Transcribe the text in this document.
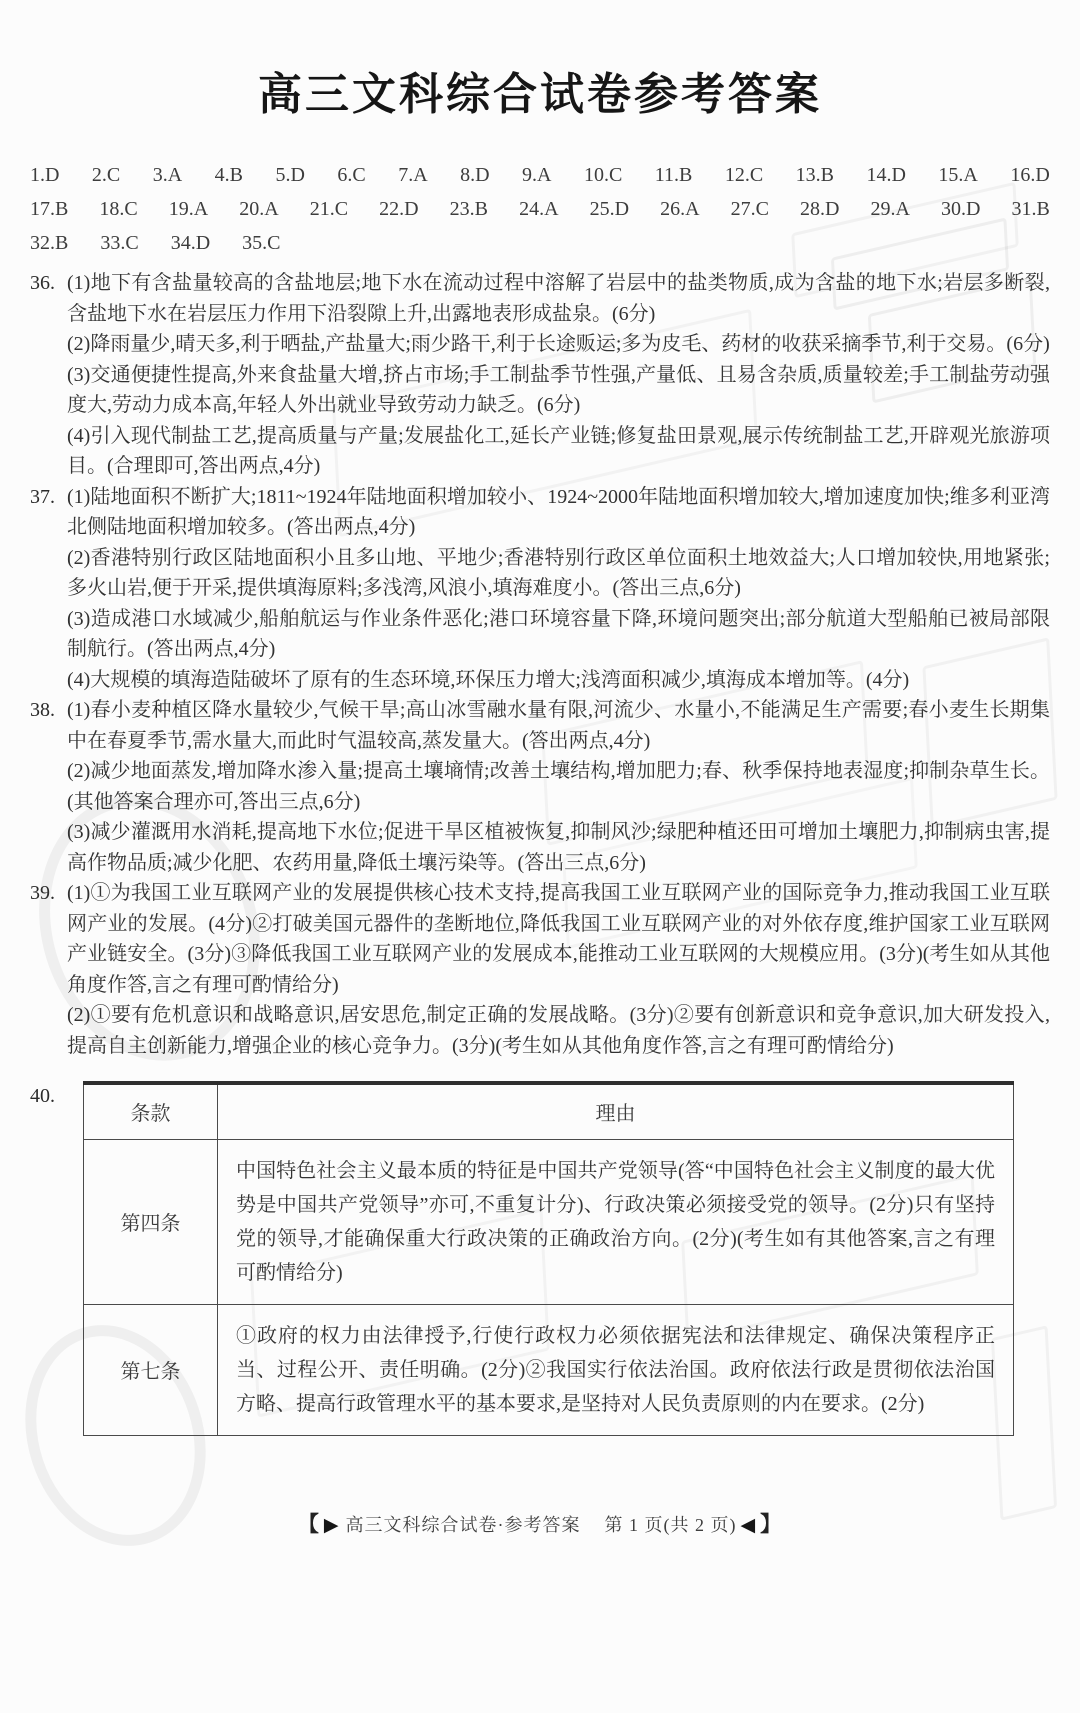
高三文科综合试卷参考答案
1.D 2.C 3.A 4.B 5.D 6.C 7.A 8.D 9.A 10.C 11.B 12.C 13.B 14.D 15.A 16.D
17.B 18.C 19.A 20.A 21.C 22.D 23.B 24.A 25.D 26.A 27.C 28.D 29.A 30.D 31.B
32.B 33.C 34.D 35.C
36. (1)地下有含盐量较高的含盐地层;地下水在流动过程中溶解了岩层中的盐类物质,成为含盐的地下水;岩层多断裂,含盐地下水在岩层压力作用下沿裂隙上升,出露地表形成盐泉。(6分)

(2)降雨量少,晴天多,利于晒盐,产盐量大;雨少路干,利于长途贩运;多为皮毛、药材的收获采摘季节,利于交易。(6分)

(3)交通便捷性提高,外来食盐量大增,挤占市场;手工制盐季节性强,产量低、且易含杂质,质量较差;手工制盐劳动强度大,劳动力成本高,年轻人外出就业导致劳动力缺乏。(6分)

(4)引入现代制盐工艺,提高质量与产量;发展盐化工,延长产业链;修复盐田景观,展示传统制盐工艺,开辟观光旅游项目。(合理即可,答出两点,4分)

37. (1)陆地面积不断扩大;1811~1924年陆地面积增加较小、1924~2000年陆地面积增加较大,增加速度加快;维多利亚湾北侧陆地面积增加较多。(答出两点,4分)

(2)香港特别行政区陆地面积小且多山地、平地少;香港特别行政区单位面积土地效益大;人口增加较快,用地紧张;多火山岩,便于开采,提供填海原料;多浅湾,风浪小,填海难度小。(答出三点,6分)

(3)造成港口水域减少,船舶航运与作业条件恶化;港口环境容量下降,环境问题突出;部分航道大型船舶已被局部限制航行。(答出两点,4分)

(4)大规模的填海造陆破坏了原有的生态环境,环保压力增大;浅湾面积减少,填海成本增加等。(4分)

38. (1)春小麦种植区降水量较少,气候干旱;高山冰雪融水量有限,河流少、水量小,不能满足生产需要;春小麦生长期集中在春夏季节,需水量大,而此时气温较高,蒸发量大。(答出两点,4分)

(2)减少地面蒸发,增加降水渗入量;提高土壤墒情;改善土壤结构,增加肥力;春、秋季保持地表湿度;抑制杂草生长。(其他答案合理亦可,答出三点,6分)

(3)减少灌溉用水消耗,提高地下水位;促进干旱区植被恢复,抑制风沙;绿肥种植还田可增加土壤肥力,抑制病虫害,提高作物品质;减少化肥、农药用量,降低土壤污染等。(答出三点,6分)

39. (1)①为我国工业互联网产业的发展提供核心技术支持,提高我国工业互联网产业的国际竞争力,推动我国工业互联网产业的发展。(4分)②打破美国元器件的垄断地位,降低我国工业互联网产业的对外依存度,维护国家工业互联网产业链安全。(3分)③降低我国工业互联网产业的发展成本,能推动工业互联网的大规模应用。(3分)(考生如从其他角度作答,言之有理可酌情给分)

(2)①要有危机意识和战略意识,居安思危,制定正确的发展战略。(3分)②要有创新意识和竞争意识,加大研发投入,提高自主创新能力,增强企业的核心竞争力。(3分)(考生如从其他角度作答,言之有理可酌情给分)

40.
条款	理由
第四条	中国特色社会主义最本质的特征是中国共产党领导(答“中国特色社会主义制度的最大优势是中国共产党领导”亦可,不重复计分)、行政决策必须接受党的领导。(2分)只有坚持党的领导,才能确保重大行政决策的正确政治方向。(2分)(考生如有其他答案,言之有理可酌情给分)
第七条	①政府的权力由法律授予,行使行政权力必须依据宪法和法律规定、确保决策程序正当、过程公开、责任明确。(2分)②我国实行依法治国。政府依法行政是贯彻依法治国方略、提高行政管理水平的基本要求,是坚持对人民负责原则的内在要求。(2分)
【 ▶ 高三文科综合试卷·参考答案 第 1 页(共 2 页) ◀ 】
